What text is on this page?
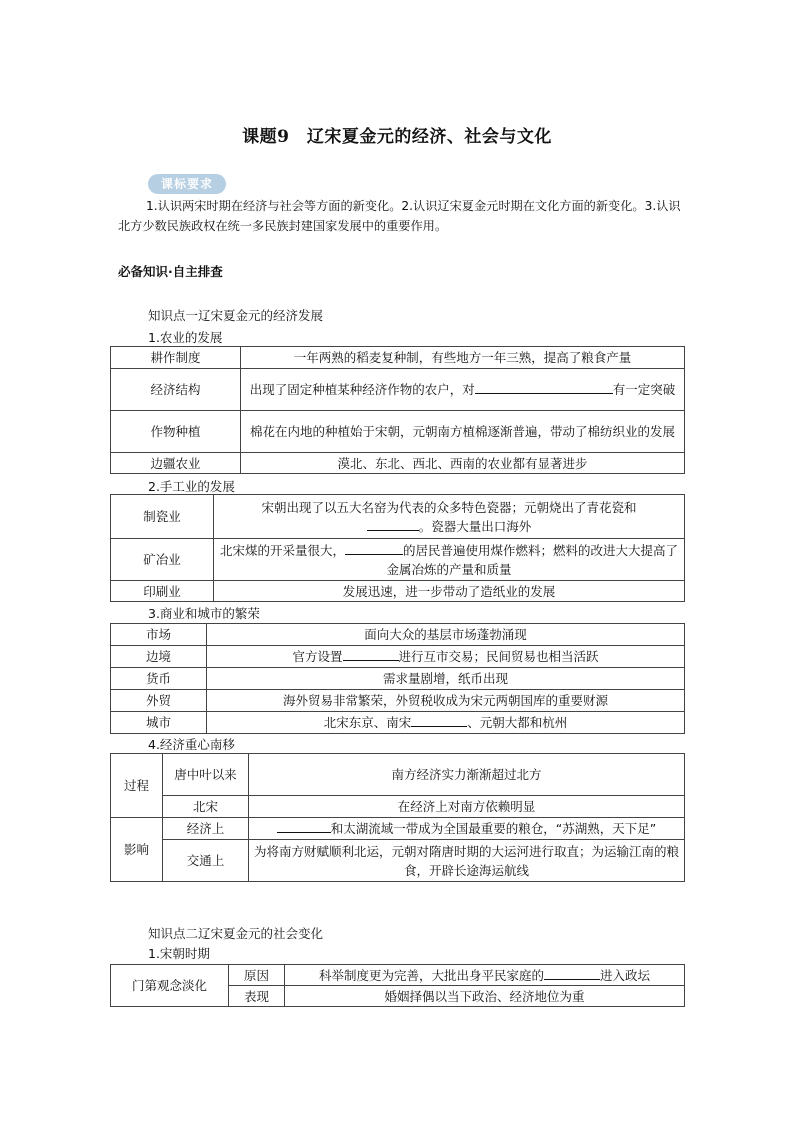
课题9　辽宋夏金元的经济、社会与文化
课标要求
1.认识两宋时期在经济与社会等方面的新变化。2.认识辽宋夏金元时期在文化方面的新变化。3.认识北方少数民族政权在统一多民族封建国家发展中的重要作用。
必备知识·自主排查
知识点一辽宋夏金元的经济发展
1.农业的发展
耕作制度	一年两熟的稻麦复种制，有些地方一年三熟，提高了粮食产量
经济结构	出现了固定种植某种经济作物的农户，对 有一定突破
作物种植	棉花在内地的种植始于宋朝，元朝南方植棉逐渐普遍，带动了棉纺织业的发展
边疆农业	漠北、东北、西北、西南的农业都有显著进步
2.手工业的发展
制瓷业	宋朝出现了以五大名窑为代表的众多特色瓷器；元朝烧出了青花瓷和
。瓷器大量出口海外
矿冶业	北宋煤的开采量很大， 的居民普遍使用煤作燃料；燃料的改进大大提高了金属冶炼的产量和质量
印刷业	发展迅速，进一步带动了造纸业的发展
3.商业和城市的繁荣
市场	面向大众的基层市场蓬勃涌现
边境	官方设置 进行互市交易；民间贸易也相当活跃
货币	需求量剧增，纸币出现
外贸	海外贸易非常繁荣，外贸税收成为宋元两朝国库的重要财源
城市	北宋东京、南宋 、元朝大都和杭州
4.经济重心南移
过程	唐中叶以来	南方经济实力渐渐超过北方
	北宋	在经济上对南方依赖明显
影响	经济上	和太湖流域一带成为全国最重要的粮仓，“苏湖熟，天下足”
	交通上	为将南方财赋顺利北运，元朝对隋唐时期的大运河进行取直；为运输江南的粮食，开辟长途海运航线
知识点二辽宋夏金元的社会变化
1.宋朝时期
门第观念淡化	原因	科举制度更为完善，大批出身平民家庭的 进入政坛
	表现	婚姻择偶以当下政治、经济地位为重
